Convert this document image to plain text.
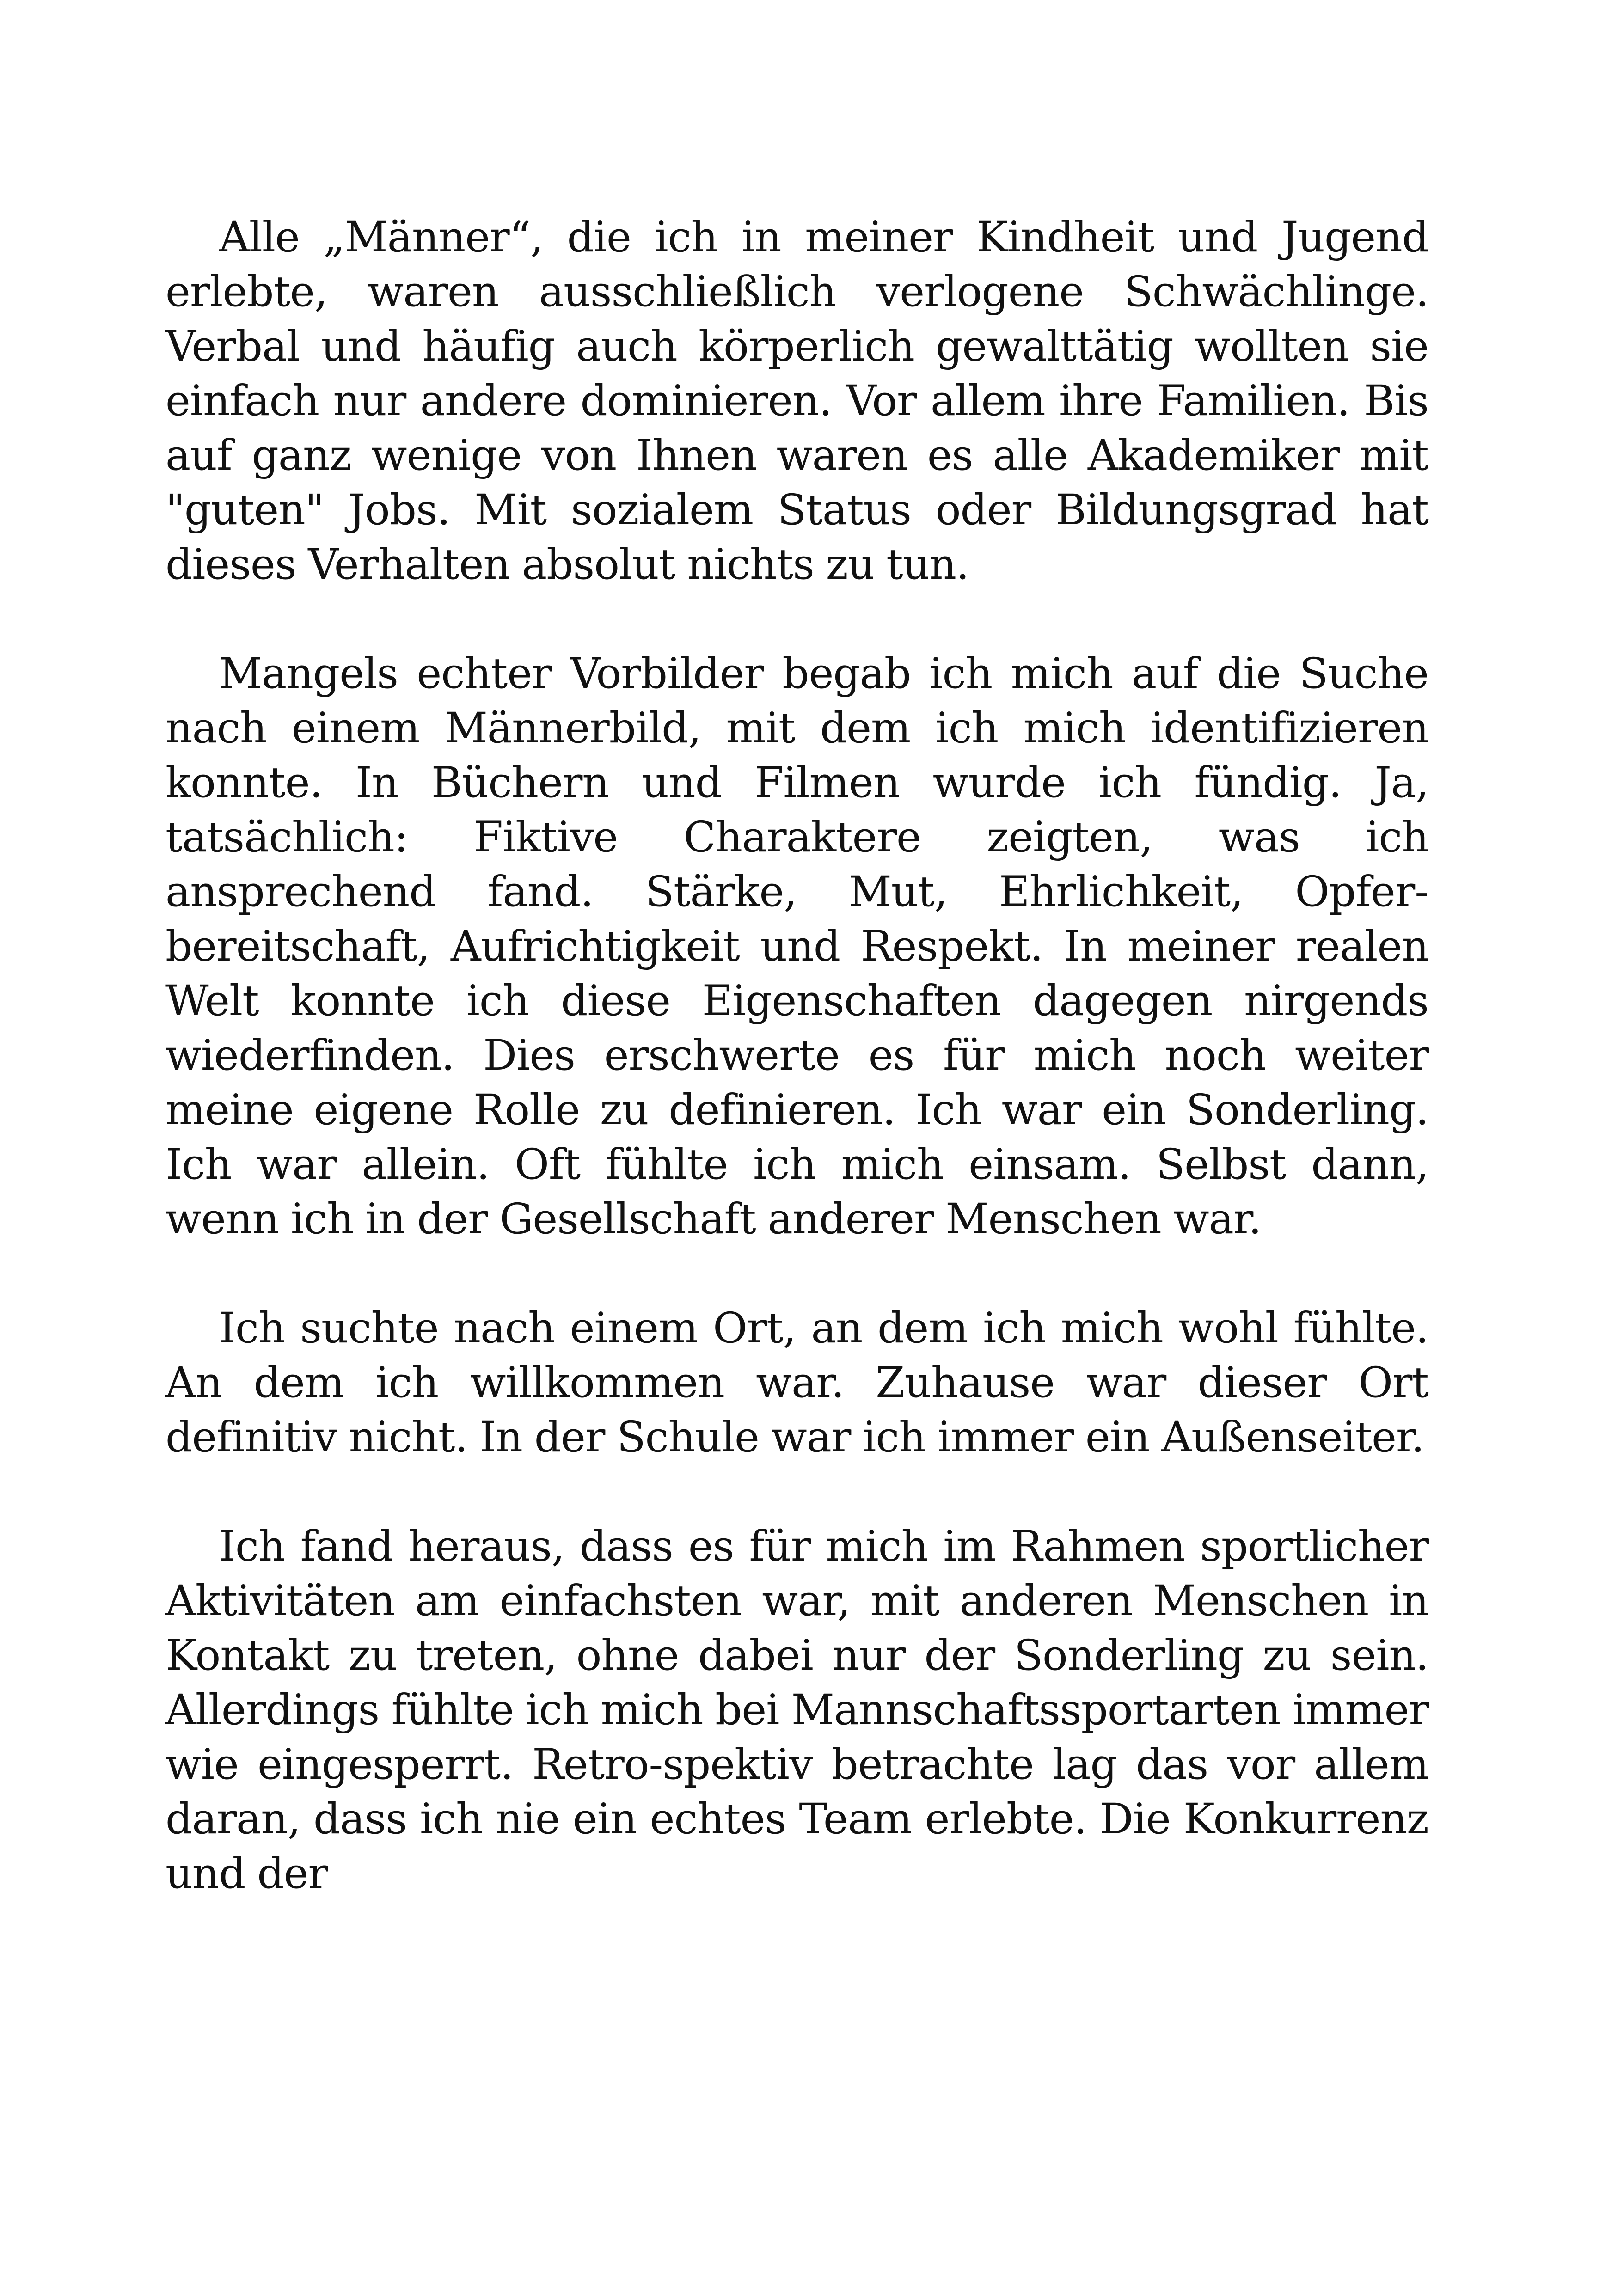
Alle „Männer“, die ich in meiner Kindheit und Jugend erlebte, waren ausschließlich verlogene Schwächlinge. Verbal und häufig auch körperlich gewalttätig wollten sie einfach nur andere dominieren. Vor allem ihre Familien. Bis auf ganz wenige von Ihnen waren es alle Akademiker mit "guten" Jobs. Mit sozialem Status oder Bildungsgrad hat dieses Verhalten absolut nichts zu tun.

Mangels echter Vorbilder begab ich mich auf die Suche nach einem Männerbild, mit dem ich mich identifizieren konnte. In Büchern und Filmen wurde ich fündig. Ja, tatsächlich: Fiktive Charaktere zeigten, was ich ansprechend fand. Stärke, Mut, Ehrlichkeit, Opfer-bereitschaft, Aufrichtigkeit und Respekt. In meiner realen Welt konnte ich diese Eigenschaften dagegen nirgends wiederfinden. Dies erschwerte es für mich noch weiter meine eigene Rolle zu definieren. Ich war ein Sonderling. Ich war allein. Oft fühlte ich mich einsam. Selbst dann, wenn ich in der Gesellschaft anderer Menschen war.

Ich suchte nach einem Ort, an dem ich mich wohl fühlte. An dem ich willkommen war. Zuhause war dieser Ort definitiv nicht. In der Schule war ich immer ein Außenseiter.

Ich fand heraus, dass es für mich im Rahmen sportlicher Aktivitäten am einfachsten war, mit anderen Menschen in Kontakt zu treten, ohne dabei nur der Sonderling zu sein. Allerdings fühlte ich mich bei Mannschaftssportarten immer wie eingesperrt. Retro-spektiv betrachte lag das vor allem daran, dass ich nie ein echtes Team erlebte. Die Konkurrenz und der
